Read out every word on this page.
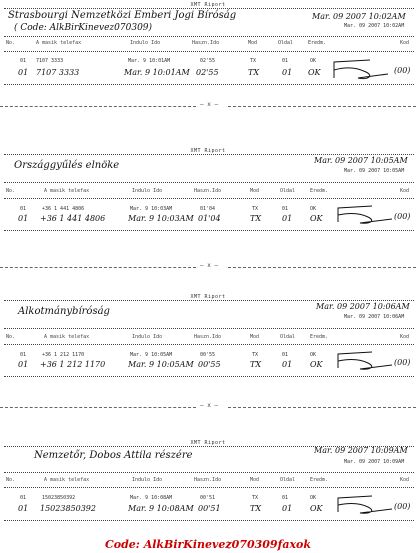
XMT Riport
Strasbourgi Nemzetközi Emberi Jogi Bíróság
( Code: AlkBirKinevez070309)
Mar. 09 2007 10:02AM
Mar. 09 2007 10:02AM
No.	A masik telefax	Indulo Ido	Haszn.Ido	Mod	Oldal	Eredm.	Kod
01 7107 3333	Mar. 9 10:01AM	02'55	TX	01	OK
01 7107 3333	Mar. 9 10:01AM 02'55	TX	01 OK	(00)
— x —
XMT Riport
Országgyűlés elnöke	Mar. 09 2007 10:05AM
Mar. 09 2007 10:05AM
No.	A masik telefax	Indulo Ido	Haszn.Ido	Mod	Oldal	Eredm.	Kod
01	+36 1 441 4806	Mar. 9 10:03AM	01'04	TX	01	OK
01 +36 1 441 4806	Mar. 9 10:03AM 01'04	TX	01 OK	(00)
— x —
XMT Riport
Alkotmánybíróság	Mar. 09 2007 10:06AM
Mar. 09 2007 10:06AM
No.	A masik telefax	Indulo Ido	Haszn.Ido	Mod	Oldal	Eredm.	Kod
01	+36 1 212 1170	Mar. 9 10:05AM	00'55	TX	01	OK
01 +36 1 212 1170	Mar. 9 10:05AM 00'55	TX	01 OK	(00)
— x —
XMT Riport
Nemzetőr, Dobos Attila részére	Mar. 09 2007 10:09AM
Mar. 09 2007 10:09AM
No.	A masik telefax	Indulo Ido	Haszn.Ido	Mod	Oldal	Eredm.	Kod
01	15023850392	Mar. 9 10:08AM	00'51	TX	01	OK
01 15023850392	Mar. 9 10:08AM 00'51	TX	01 OK	(00)
Code: AlkBirKinevez070309faxok
